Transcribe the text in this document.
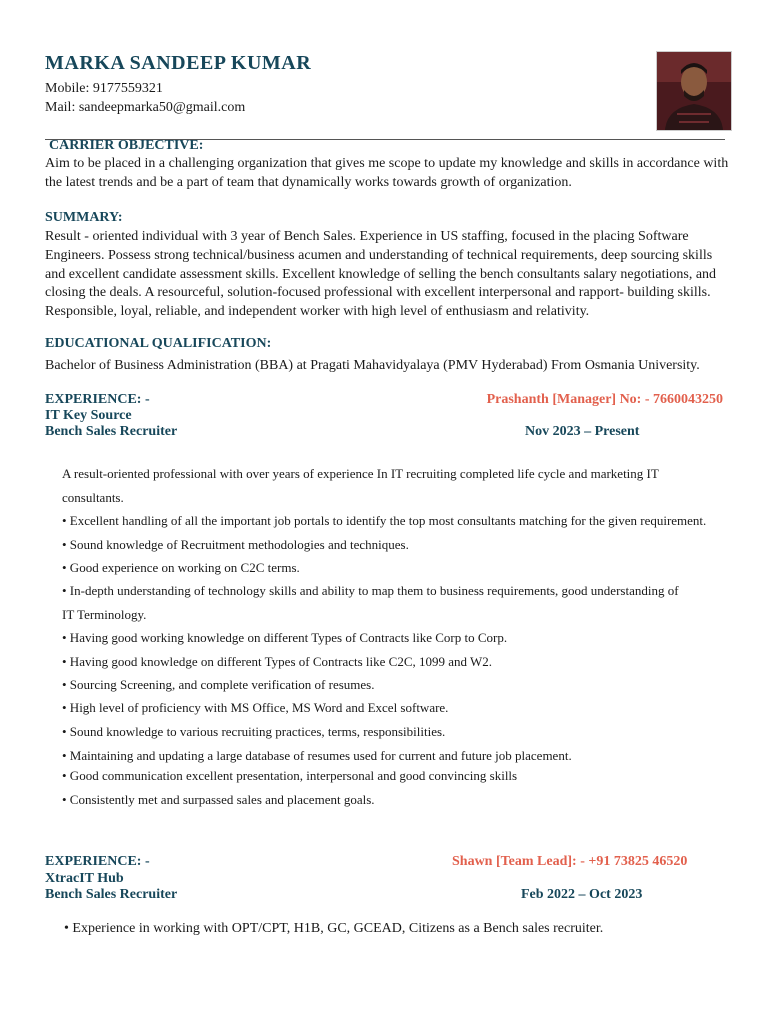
MARKA SANDEEP KUMAR
Mobile: 9177559321
Mail: sandeepmarka50@gmail.com
CARRIER OBJECTIVE:
Aim to be placed in a challenging organization that gives me scope to update my knowledge and skills in accordance with
the latest trends and be a part of team that dynamically works towards growth of organization.
SUMMARY:
Result - oriented individual with 3 year of Bench Sales. Experience in US staffing, focused in the placing Software
Engineers. Possess strong technical/business acumen and understanding of technical requirements, deep sourcing skills
and excellent candidate assessment skills. Excellent knowledge of selling the bench consultants salary negotiations, and
closing the deals. A resourceful, solution-focused professional with excellent interpersonal and rapport- building skills.
Responsible, loyal, reliable, and independent worker with high level of enthusiasm and relativity.
EDUCATIONAL QUALIFICATION:
Bachelor of Business Administration (BBA) at Pragati Mahavidyalaya (PMV Hyderabad) From Osmania University.
EXPERIENCE: -	Prashanth [Manager] No: - 7660043250
IT Key Source
Bench Sales Recruiter	Nov 2023 – Present
A result-oriented professional with over years of experience In IT recruiting completed life cycle and marketing IT
consultants.
• Excellent handling of all the important job portals to identify the top most consultants matching for the given requirement.
• Sound knowledge of Recruitment methodologies and techniques.
• Good experience on working on C2C terms.
• In-depth understanding of technology skills and ability to map them to business requirements, good understanding of
IT Terminology.
• Having good working knowledge on different Types of Contracts like Corp to Corp.
• Having good knowledge on different Types of Contracts like C2C, 1099 and W2.
• Sourcing Screening, and complete verification of resumes.
• High level of proficiency with MS Office, MS Word and Excel software.
• Sound knowledge to various recruiting practices, terms, responsibilities.
• Maintaining and updating a large database of resumes used for current and future job placement.
• Good communication excellent presentation, interpersonal and good convincing skills
• Consistently met and surpassed sales and placement goals.
EXPERIENCE: -	Shawn [Team Lead]: - +91 73825 46520
XtracIT Hub
Bench Sales Recruiter	Feb 2022 – Oct 2023
• Experience in working with OPT/CPT, H1B, GC, GCEAD, Citizens as a Bench sales recruiter.
